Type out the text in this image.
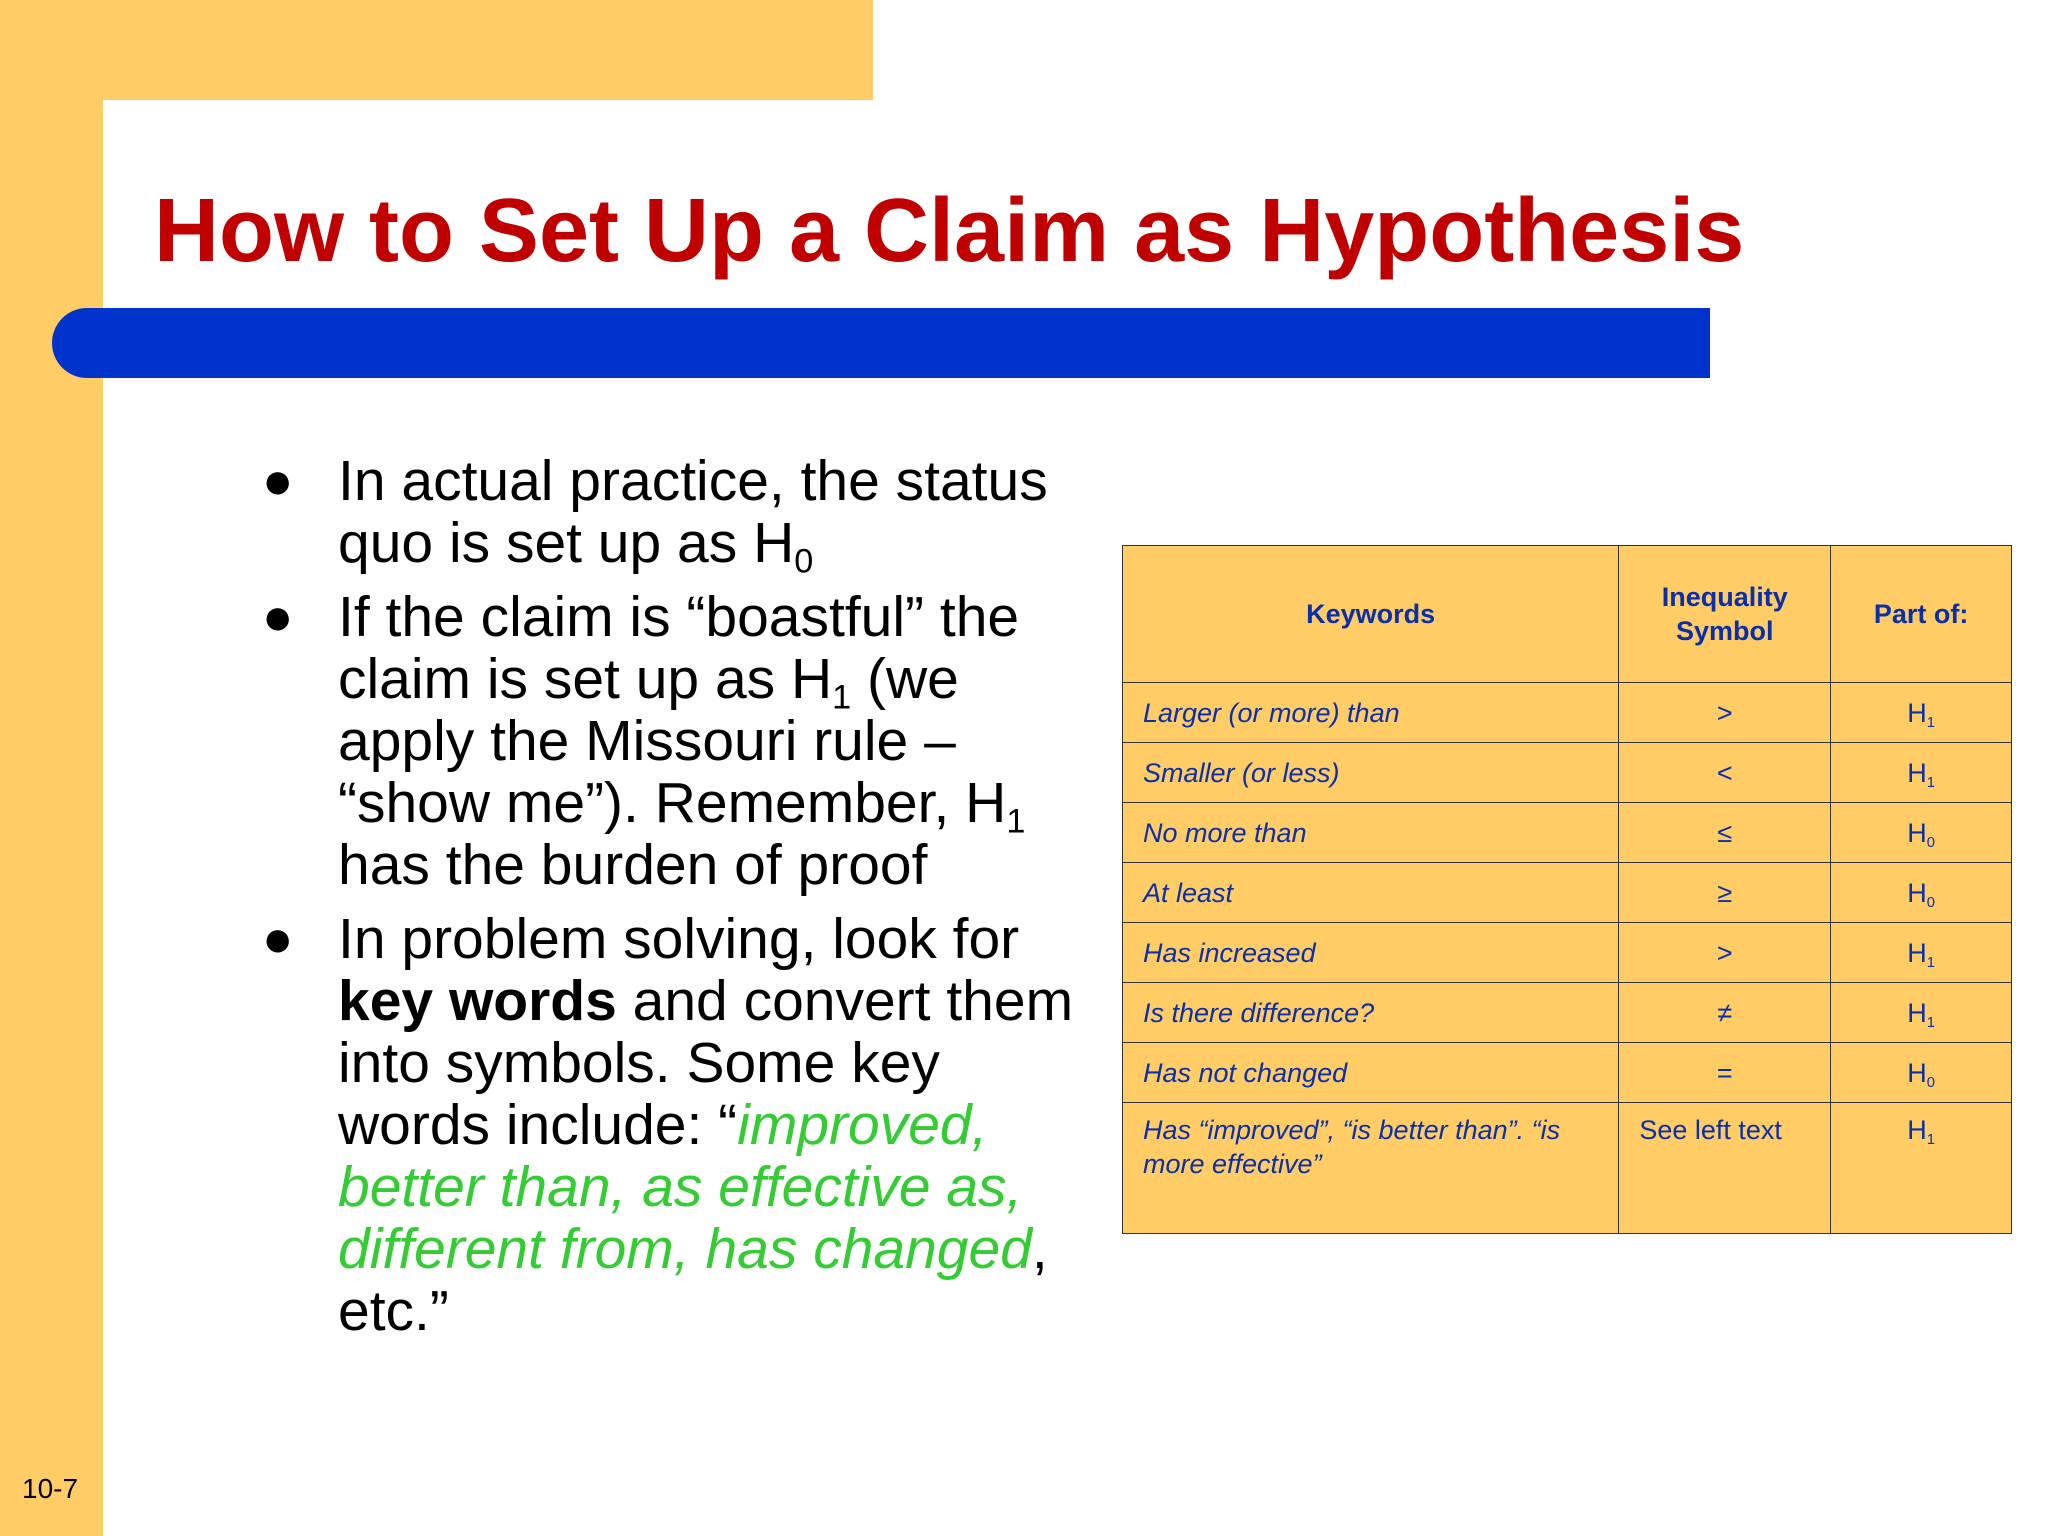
How to Set Up a Claim as Hypothesis
● In actual practice, the status quo is set up as $H_0$
● If the claim is “boastful” the claim is set up as $H_1$ (we apply the Missouri rule – “show me”). Remember, $H_1$ has the burden of proof
● In problem solving, look for key words and convert them into symbols. Some key words include: “improved, better than, as effective as, different from, has changed, etc.”
Keywords	Inequality Symbol	Part of:
Larger (or more) than	>	$H_1$
Smaller (or less)	<	$H_1$
No more than	≤	$H_0$
At least	≥	$H_0$
Has increased	>	$H_1$
Is there difference?	≠	$H_1$
Has not changed	=	$H_0$
Has “improved”, “is better than”. “is more effective”	See left text	$H_1$
10-7
